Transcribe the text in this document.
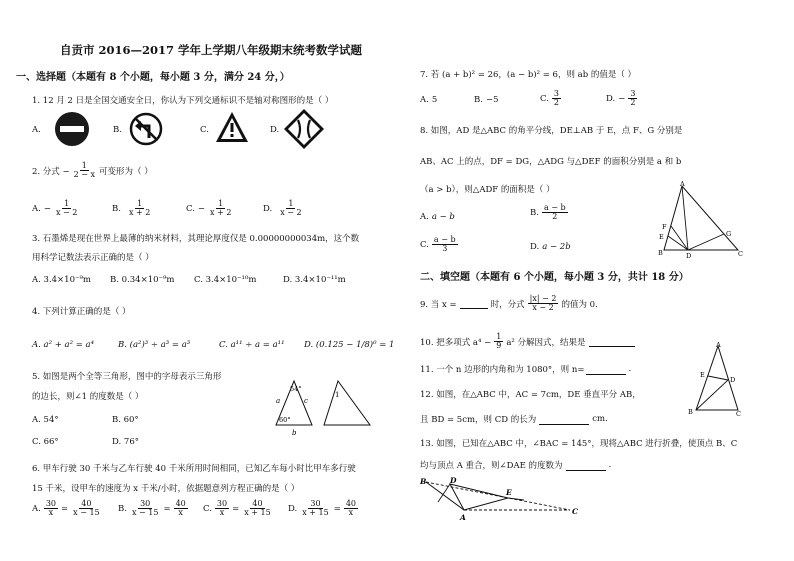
自贡市 2016—2017 学年上学期八年级期末统考数学试题
一、选择题（本题有 8 个小题，每小题 3 分，满分 24 分，）
1. 12 月 2 日是全国交通安全日，你认为下列交通标识不是轴对称图形的是（ ）
A.	B.	C.	D.
2. 分式 − $\frac{1}{2 - x}$ 可变形为（ ）
A. − $\frac{1}{x - 2}$	B. $\frac{1}{x + 2}$	C. − $\frac{1}{x + 2}$	D. $\frac{1}{x - 2}$
3. 石墨烯是现在世界上最薄的纳米材料，其理论厚度仅是 0.00000000034m，这个数
用科学记数法表示正确的是（ ）
A. 3.4×10⁻⁹m B. 0.34×10⁻⁹m C. 3.4×10⁻¹⁰m	D. 3.4×10⁻¹¹m
4. 下列计算正确的是（ ）
A. a² + a² = a⁴	B. (a²)³ ÷ a³ = a³	C. a¹¹ ÷ a = a¹¹ D. (0.125 − 1/8)⁰ = 1
5. 如图是两个全等三角形，图中的字母表示三角形
的边长，则∠1 的度数是（ ）
A. 54°	B. 60°
C. 66°	D. 76°
54°
60°
a	c
b
1
6. 甲车行驶 30 千米与乙车行驶 40 千米所用时间相同，已知乙车每小时比甲车多行驶
15 千米，设甲车的速度为 x 千米/小时，依据题意列方程正确的是（ ）
A. $\frac{30}{x} = \frac{40}{x - 15} B$. $\frac{30}{x - 15} = \frac{40}{x} C$. $\frac{30}{x} = \frac{40}{x + 15} D$. $\frac{30}{x + 15} = \frac{40}{x}$
7. 若 (a + b)² = 26，(a − b)² = 6，则 ab 的值是（ ）
A. 5	B. −5	C. $\frac{3}{2}$	D. − $\frac{3}{2}$
8. 如图，AD 是△ABC 的角平分线，DE⊥AB 于 E，点 F、G 分别是
AB、AC 上的点，DF = DG，△ADG 与△DEF 的面积分别是 a 和 b
（a > b），则△ADF 的面积是（ ）
A. a − b	B. $\frac{a - b}{2}$
C. $\frac{a - b}{3}$	D. a − 2b
A
F
E
B	D
G
C
二、填空题（本题有 6 个小题，每小题 3 分，共计 18 分）
9. 当 x =	时，分式 $\frac{|x| - 2}{x - 2}$ 的值为 0.
10. 把多项式 $a^4 - \frac{1}{9} a^2$ 分解因式，结果是
11. 一个 n 边形的内角和为 1080°，则 n=	.
12. 如图，在△ABC 中，AC = 7cm，DE 垂直平分 AB，
且 BD = 5cm，则 CD 的长为	cm.
A
E
D
B	C
13. 如图，已知在△ABC 中，∠BAC = 145°，现将△ABC 进行折叠，使顶点 B、C
均与顶点 A 重合，则∠DAE 的度数为	.
B	D
E
A
C
